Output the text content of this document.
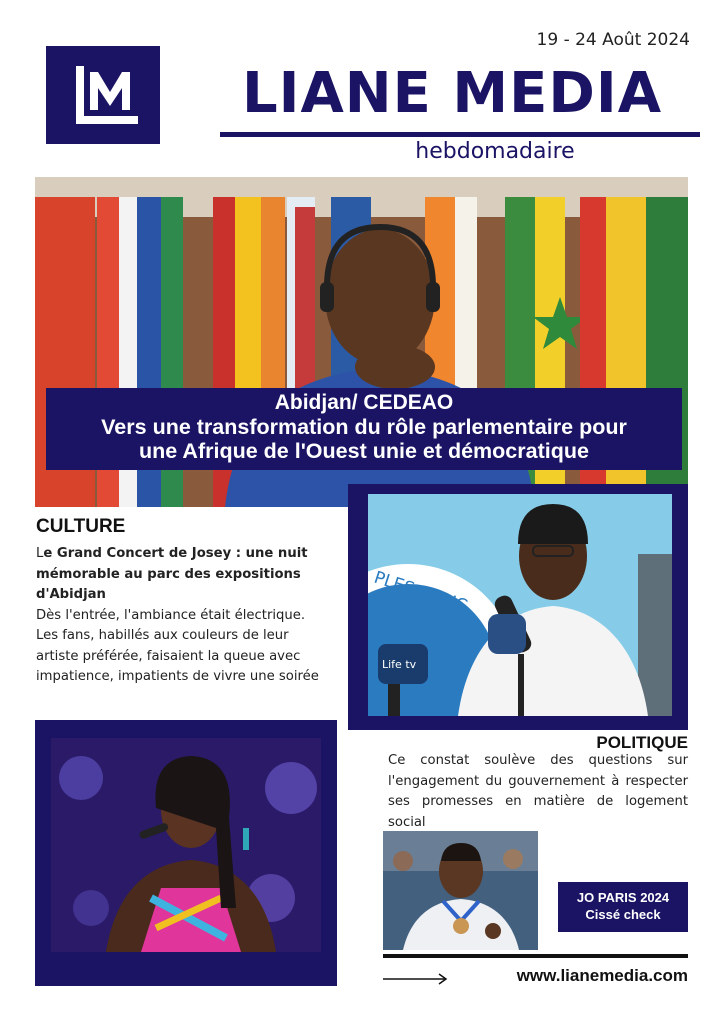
19 - 24 Août 2024
LIANE MEDIA
hebdomadaire
Abidjan/ CEDEAO
Vers une transformation du rôle parlementaire pour
une Afrique de l'Ouest unie et démocratique
CULTURE
Le Grand Concert de Josey : une nuit mémorable au parc des expositions d'Abidjan
Dès l'entrée, l'ambiance était électrique. Les fans, habillés aux couleurs de leur artiste préférée, faisaient la queue avec impatience, impatients de vivre une soirée
PLES AFRIC
Life tv
POLITIQUE
Ce constat soulève des questions sur l'engagement du gouvernement à respecter ses promesses en matière de logement social
JO PARIS 2024
Cissé check
www.lianemedia.com
